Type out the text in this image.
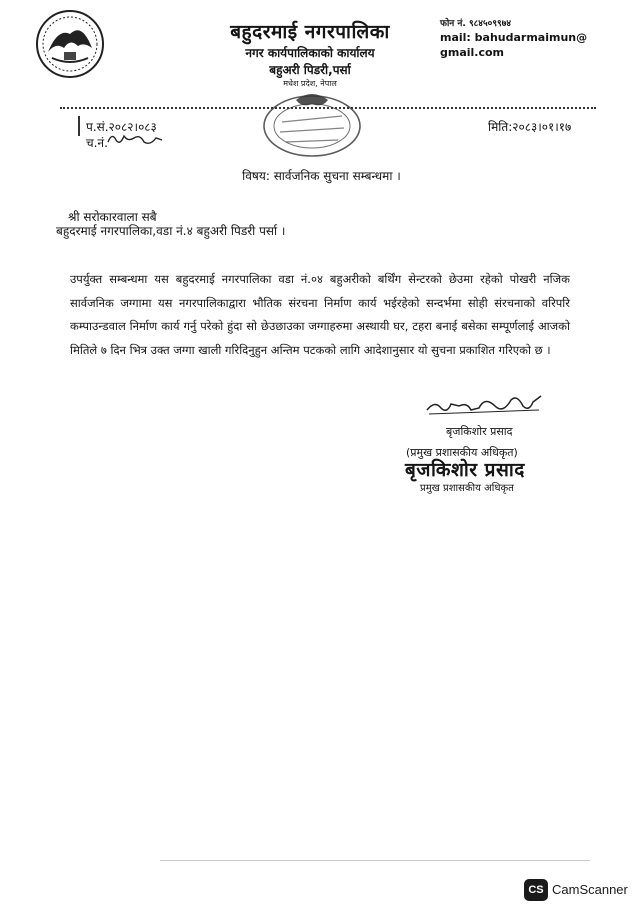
बहुदरमाई नगरपालिका
नगर कार्यपालिकाको कार्यालय
बहुअरी पिडरी,पर्सा
मधेश प्रदेश, नेपाल
फोन नं. ९८४५०९९७४
mail: bahudarmaimun@
gmail.com
प.सं.२०८२।०८३
च.नं.
मिति:२०८३।०१।१७
विषय: सार्वजनिक सुचना सम्बन्धमा ।
श्री सरोकारवाला सबै
बहुदरमाई नगरपालिका,वडा नं.४ बहुअरी पिडरी पर्सा ।
उपर्युक्त सम्बन्धमा यस बहुदरमाई नगरपालिका वडा नं.०४ बहुअरीको बर्थिंग सेन्टरको छेउमा रहेको पोखरी नजिक सार्वजनिक जग्गामा यस नगरपालिकाद्वारा भौतिक संरचना निर्माण कार्य भईरहेको सन्दर्भमा सोही संरचनाको वरिपरि कम्पाउन्डवाल निर्माण कार्य गर्नु परेको हुंदा सो छेउछाउका जग्गाहरुमा अस्थायी घर, टहरा बनाई बसेका सम्पूर्णलाई आजको मितिले ७ दिन भित्र उक्त जग्गा खाली गरिदिनुहुन अन्तिम पटकको लागि आदेशानुसार यो सुचना प्रकाशित गरिएको छ ।
बृजकिशोर प्रसाद
(प्रमुख प्रशासकीय अधिकृत)
बृजकिशोर प्रसाद
प्रमुख प्रशासकीय अधिकृत
CS CamScanner
